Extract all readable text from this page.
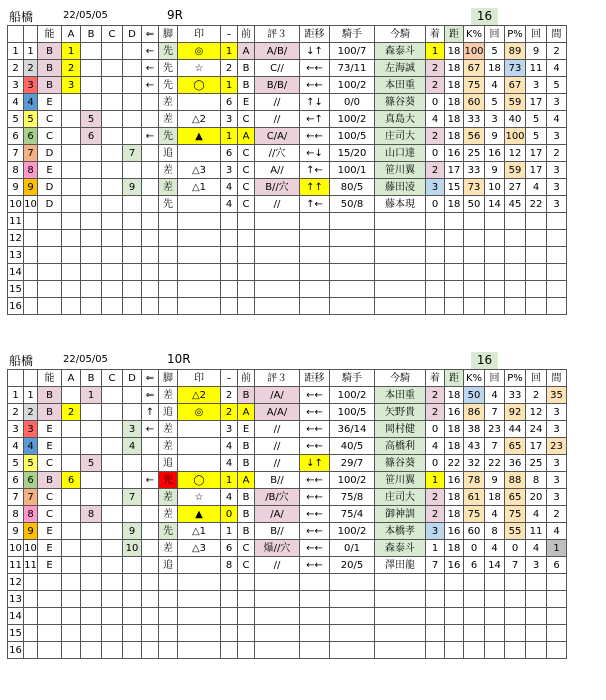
船橋	22/05/05	9R	16
		能	A	B	C	D	⇐	脚	印	–	前	評３	距移	騎手	今騎	着	距	K%	回	P%	回	間
1	1	B	1				←	先	◎	1	A	A/B/	↓↑	100/7	森泰斗	1	18	100	5	89	9	2
2	2	B	2				←	先	☆	2	B	C//	←←	73/11	左海誠	2	18	67	18	73	11	4
3	3	B	3				←	先	◯	1	B	B/B/	←←	100/2	本田重	2	18	75	4	67	3	5
4	4	E						差		6	E	//	↑↓	0/0	篠谷葵	0	18	60	5	59	17	3
5	5	C		5				差	△2	3	C	//	←↑	100/2	真島大	4	18	33	3	40	5	4
6	6	C		6			←	先	▲	1	A	C/A/	←←	100/5	庄司大	2	18	56	9	100	5	3
7	7	D				7		追		6	C	//穴	←↓	15/20	山口達	0	16	25	16	12	17	2
8	8	E						差	△3	3	C	A//	↑←	100/1	笹川翼	2	17	33	9	59	17	3
9	9	D				9		差	△1	4	C	B//穴	↑↑	80/5	藤田凌	3	15	73	10	27	4	3
10	10	D						先		4	C	//	↑←	50/8	藤本現	0	18	50	14	45	22	3
11																						
12																						
13																						
14																						
15																						
16																						
船橋	22/05/05	10R	16
		能	A	B	C	D	⇐	脚	印	–	前	評３	距移	騎手	今騎	着	距	K%	回	P%	回	間
1	1	B		1			⇐	差	△2	2	B	/A/	←←	100/2	本田重	2	18	50	4	33	2	35
2	2	B	2				↑	追	◎	2	A	A/A/	←←	100/5	矢野貴	2	16	86	7	92	12	3
3	3	E				3	←	差		3	E	//	←←	36/14	岡村健	0	18	38	23	44	24	3
4	4	E				4		差		4	B	//	←←	40/5	高橋利	4	18	43	7	65	17	23
5	5	C		5				追		4	B	//	↓↑	29/7	篠谷葵	0	22	32	22	36	25	3
6	6	B	6				←	先	◯	1	A	B//	←←	100/2	笹川翼	1	16	78	9	88	8	3
7	7	C				7		差	☆	4	B	/B/穴	←←	75/8	庄司大	2	18	61	18	65	20	3
8	8	C		8				差	▲	0	B	/A/	←←	75/4	御神訓	2	18	75	4	75	4	2
9	9	E				9		先	△1	1	B	B//	←←	100/2	本橋孝	3	16	60	8	55	11	4
10	10	E				10		差	△3	6	C	爆//穴	←←	0/1	森泰斗	1	18	0	4	0	4	1
11	11	E						追		8	C	//	←←	20/5	澤田龍	7	16	6	14	7	3	6
12																						
13																						
14																						
15																						
16																						
